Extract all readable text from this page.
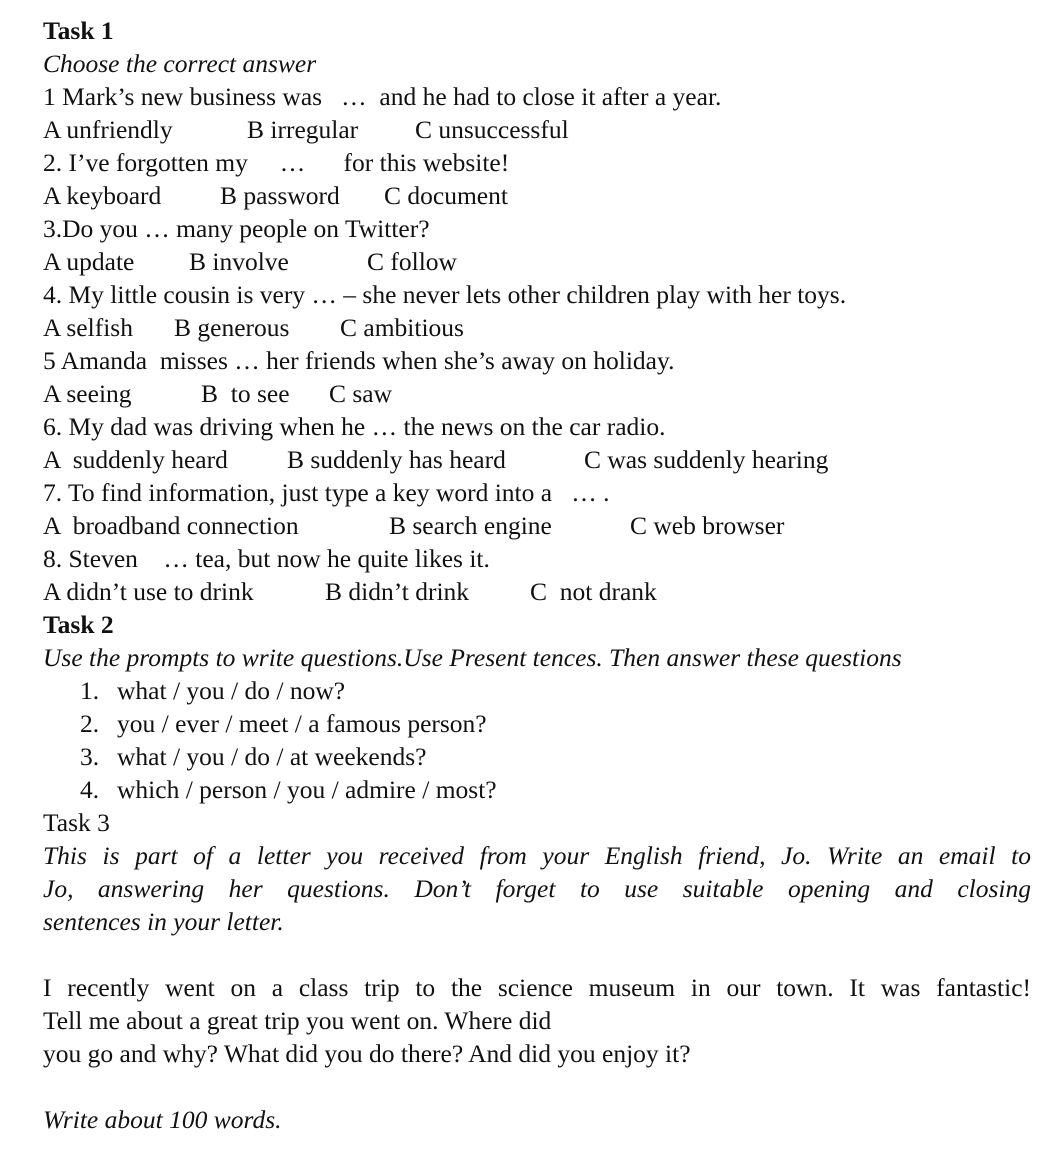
Task 1
Choose the correct answer
1 Mark’s new business was   …  and he had to close it after a year.
A unfriendly	B irregular C unsuccessful
2. I’ve forgotten my     …      for this website!
A keyboard B password C document
3.Do you … many people on Twitter?
A update B involve	C follow
4. My little cousin is very … – she never lets other children play with her toys.
A selfish B generous C ambitious
5 Amanda  misses … her friends when she’s away on holiday.
A seeing	B  to see C saw
6. My dad was driving when he … the news on the car radio.
A  suddenly heard B suddenly has heard	C was suddenly hearing
7. To find information, just type a key word into a   … .
A  broadband connection	B search engine	C web browser
8. Steven    … tea, but now he quite likes it.
A didn’t use to drink	B didn’t drink C  not drank
Task 2
Use the prompts to write questions.Use Present tences. Then answer these questions
1. what / you / do / now?
2. you / ever / meet / a famous person?
3. what / you / do / at weekends?
4. which / person / you / admire / most?
Task 3
This is part of a letter you received from your English friend, Jo. Write an email to
Jo, answering her questions. Don’t forget to use suitable opening and closing
sentences in your letter.
I recently went on a class trip to the science museum in our town. It was fantastic!
Tell me about a great trip you went on. Where did
you go and why? What did you do there? And did you enjoy it?
Write about 100 words.
